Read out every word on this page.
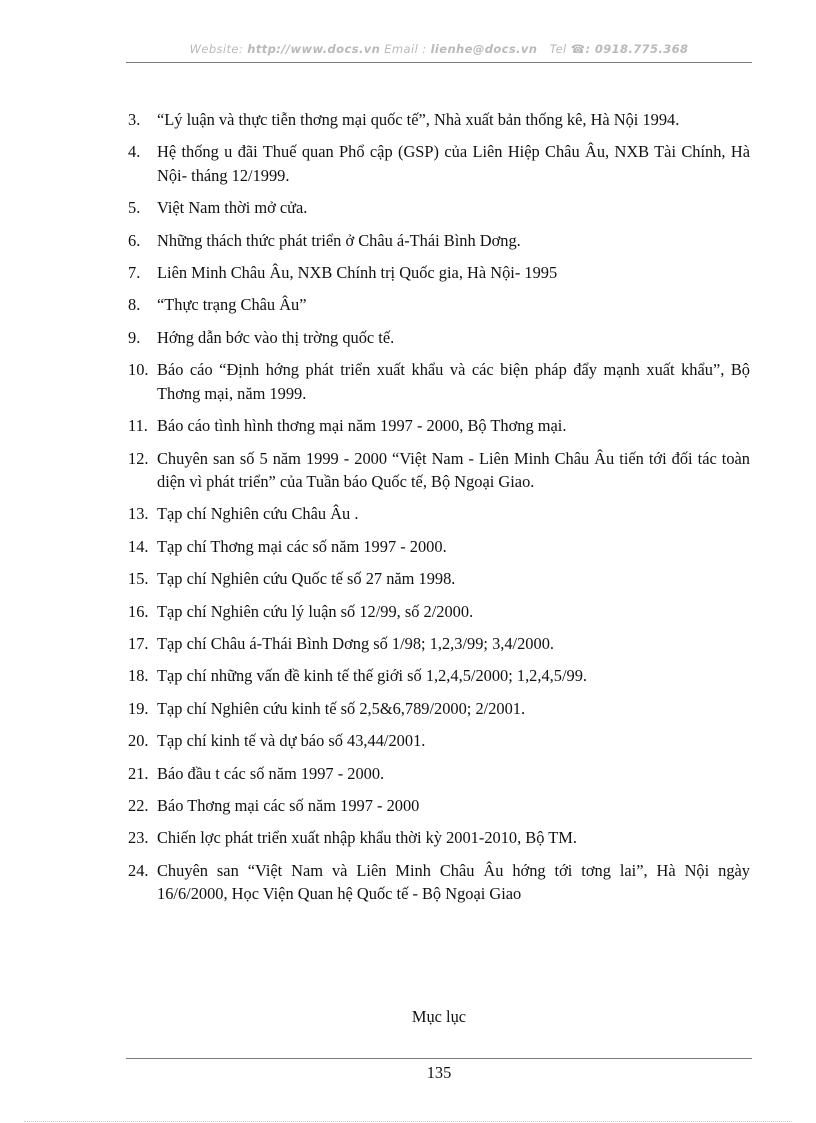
Website: http://www.docs.vn Email : lienhe@docs.vn Tel ☎: 0918.775.368
3. “Lý luận và thực tiễn thơng mại quốc tế”, Nhà xuất bản thống kê, Hà Nội 1994.
4. Hệ thống u đãi Thuế quan Phổ cập (GSP) của Liên Hiệp Châu Âu, NXB Tài Chính, Hà Nội- tháng 12/1999.
5. Việt Nam thời mở cửa.
6. Những thách thức phát triển ở Châu á-Thái Bình Dơng.
7. Liên Minh Châu Âu, NXB Chính trị Quốc gia, Hà Nội- 1995
8. “Thực trạng Châu Âu”
9. Hớng dẫn bớc vào thị trờng quốc tế.
10. Báo cáo “Định hớng phát triển xuất khẩu và các biện pháp đẩy mạnh xuất khẩu”, Bộ Thơng mại, năm 1999.
11. Báo cáo tình hình thơng mại năm 1997 - 2000, Bộ Thơng mại.
12. Chuyên san số 5 năm 1999 - 2000 “Việt Nam - Liên Minh Châu Âu tiến tới đối tác toàn diện vì phát triển” của Tuần báo Quốc tế, Bộ Ngoại Giao.
13. Tạp chí Nghiên cứu Châu Âu .
14. Tạp chí Thơng mại các số năm 1997 - 2000.
15. Tạp chí Nghiên cứu Quốc tế số 27 năm 1998.
16. Tạp chí Nghiên cứu lý luận số 12/99, số 2/2000.
17. Tạp chí Châu á-Thái Bình Dơng số 1/98; 1,2,3/99; 3,4/2000.
18. Tạp chí những vấn đề kinh tế thế giới số 1,2,4,5/2000; 1,2,4,5/99.
19. Tạp chí Nghiên cứu kinh tế số 2,5&6,789/2000; 2/2001.
20. Tạp chí kinh tế và dự báo số 43,44/2001.
21. Báo đầu t các số năm 1997 - 2000.
22. Báo Thơng mại các số năm 1997 - 2000
23. Chiến lợc phát triển xuất nhập khẩu thời kỳ 2001-2010, Bộ TM.
24. Chuyên san “Việt Nam và Liên Minh Châu Âu hớng tới tơng lai”, Hà Nội ngày 16/6/2000, Học Viện Quan hệ Quốc tế - Bộ Ngoại Giao
Mục lục
135
